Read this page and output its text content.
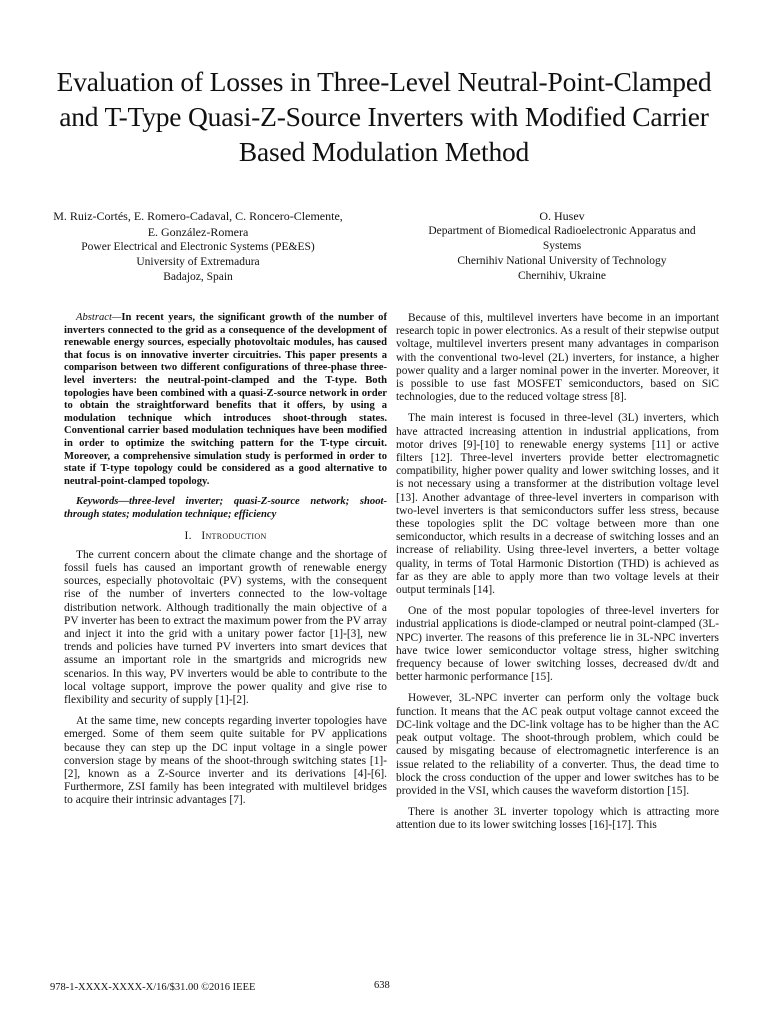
Evaluation of Losses in Three-Level Neutral-Point-Clamped and T-Type Quasi-Z-Source Inverters with Modified Carrier Based Modulation Method
M. Ruiz-Cortés, E. Romero-Cadaval, C. Roncero-Clemente, E. González-Romera
Power Electrical and Electronic Systems (PE&ES)
University of Extremadura
Badajoz, Spain
O. Husev
Department of Biomedical Radioelectronic Apparatus and Systems
Chernihiv National University of Technology
Chernihiv, Ukraine

Abstract—In recent years, the significant growth of the number of inverters connected to the grid as a consequence of the development of renewable energy sources, especially photovoltaic modules, has caused that focus is on innovative inverter circuitries. This paper presents a comparison between two different configurations of three-phase three-level inverters: the neutral-point-clamped and the T-type. Both topologies have been combined with a quasi-Z-source network in order to obtain the straightforward benefits that it offers, by using a modulation technique which introduces shoot-through states. Conventional carrier based modulation techniques have been modified in order to optimize the switching pattern for the T-type circuit. Moreover, a comprehensive simulation study is performed in order to state if T-type topology could be considered as a good alternative to neutral-point-clamped topology.

Keywords—three-level inverter; quasi-Z-source network; shoot-through states; modulation technique; efficiency

I. Introduction

The current concern about the climate change and the shortage of fossil fuels has caused an important growth of renewable energy sources, especially photovoltaic (PV) systems, with the consequent rise of the number of inverters connected to the low-voltage distribution network. Although traditionally the main objective of a PV inverter has been to extract the maximum power from the PV array and inject it into the grid with a unitary power factor [1]-[3], new trends and policies have turned PV inverters into smart devices that assume an important role in the smartgrids and microgrids new scenarios. In this way, PV inverters would be able to contribute to the local voltage support, improve the power quality and give rise to flexibility and security of supply [1]-[2].

At the same time, new concepts regarding inverter topologies have emerged. Some of them seem quite suitable for PV applications because they can step up the DC input voltage in a single power conversion stage by means of the shoot-through switching states [1]-[2], known as a Z-Source inverter and its derivations [4]-[6]. Furthermore, ZSI family has been integrated with multilevel bridges to acquire their intrinsic advantages [7].

Because of this, multilevel inverters have become in an important research topic in power electronics. As a result of their stepwise output voltage, multilevel inverters present many advantages in comparison with the conventional two-level (2L) inverters, for instance, a higher power quality and a larger nominal power in the inverter. Moreover, it is possible to use fast MOSFET semiconductors, based on SiC technologies, due to the reduced voltage stress [8].

The main interest is focused in three-level (3L) inverters, which have attracted increasing attention in industrial applications, from motor drives [9]-[10] to renewable energy systems [11] or active filters [12]. Three-level inverters provide better electromagnetic compatibility, higher power quality and lower switching losses, and it is not necessary using a transformer at the distribution voltage level [13]. Another advantage of three-level inverters in comparison with two-level inverters is that semiconductors suffer less stress, because these topologies split the DC voltage between more than one semiconductor, which results in a decrease of switching losses and an increase of reliability. Using three-level inverters, a better voltage quality, in terms of Total Harmonic Distortion (THD) is achieved as far as they are able to apply more than two voltage levels at their output terminals [14].

One of the most popular topologies of three-level inverters for industrial applications is diode-clamped or neutral point-clamped (3L-NPC) inverter. The reasons of this preference lie in 3L-NPC inverters have twice lower semiconductor voltage stress, higher switching frequency because of lower switching losses, decreased dv/dt and better harmonic performance [15].

However, 3L-NPC inverter can perform only the voltage buck function. It means that the AC peak output voltage cannot exceed the DC-link voltage and the DC-link voltage has to be higher than the AC peak output voltage. The shoot-through problem, which could be caused by misgating because of electromagnetic interference is an issue related to the reliability of a converter. Thus, the dead time to block the cross conduction of the upper and lower switches has to be provided in the VSI, which causes the waveform distortion [15].

There is another 3L inverter topology which is attracting more attention due to its lower switching losses [16]-[17]. This

978-1-XXXX-XXXX-X/16/$31.00 ©2016 IEEE	638
